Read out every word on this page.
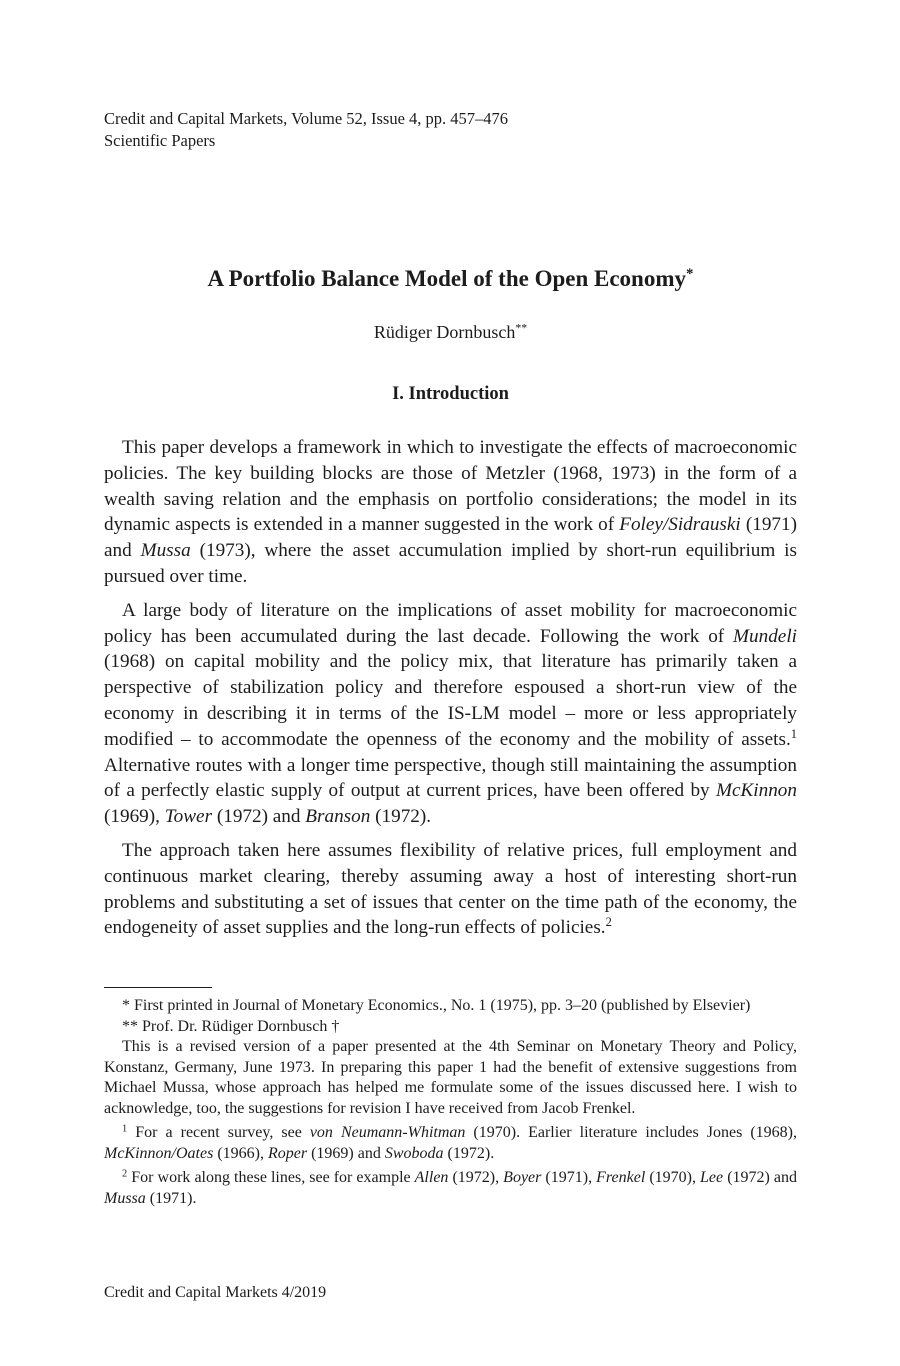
Credit and Capital Markets, Volume 52, Issue 4, pp. 457–476

Scientific Papers

A Portfolio Balance Model of the Open Economy*

Rüdiger Dornbusch**

I. Introduction

This paper develops a framework in which to investigate the effects of macroeconomic policies. The key building blocks are those of Metzler (1968, 1973) in the form of a wealth saving relation and the emphasis on portfolio considerations; the model in its dynamic aspects is extended in a manner suggested in the work of Foley/Sidrauski (1971) and Mussa (1973), where the asset accumulation implied by short-run equilibrium is pursued over time.

A large body of literature on the implications of asset mobility for macroeconomic policy has been accumulated during the last decade. Following the work of Mundeli (1968) on capital mobility and the policy mix, that literature has primarily taken a perspective of stabilization policy and therefore espoused a short-run view of the economy in describing it in terms of the IS-LM model – more or less appropriately modified – to accommodate the openness of the economy and the mobility of assets.$^1$ Alternative routes with a longer time perspective, though still maintaining the assumption of a perfectly elastic supply of output at current prices, have been offered by McKinnon (1969), Tower (1972) and Branson (1972).

The approach taken here assumes flexibility of relative prices, full employment and continuous market clearing, thereby assuming away a host of interesting short-run problems and substituting a set of issues that center on the time path of the economy, the endogeneity of asset supplies and the long-run effects of policies.$^2$

* First printed in Journal of Monetary Economics., No. 1 (1975), pp. 3–20 (published by Elsevier)

** Prof. Dr. Rüdiger Dornbusch †

This is a revised version of a paper presented at the 4th Seminar on Monetary Theory and Policy, Konstanz, Germany, June 1973. In preparing this paper 1 had the benefit of extensive suggestions from Michael Mussa, whose approach has helped me formulate some of the issues discussed here. I wish to acknowledge, too, the suggestions for revision I have received from Jacob Frenkel.

$^1$ For a recent survey, see von Neumann-Whitman (1970). Earlier literature includes Jones (1968), McKinnon/Oates (1966), Roper (1969) and Swoboda (1972).

$^2$ For work along these lines, see for example Allen (1972), Boyer (1971), Frenkel (1970), Lee (1972) and Mussa (1971).

Credit and Capital Markets 4/2019
